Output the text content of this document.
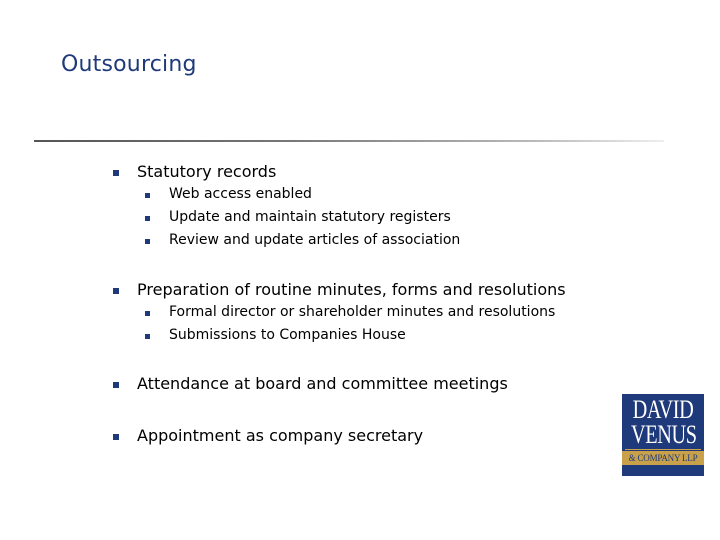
Outsourcing
Statutory records
Web access enabled
Update and maintain statutory registers
Review and update articles of association
Preparation of routine minutes, forms and resolutions
Formal director or shareholder minutes and resolutions
Submissions to Companies House
Attendance at board and committee meetings
Appointment as company secretary
DAVID
VENUS
& COMPANY LLP
